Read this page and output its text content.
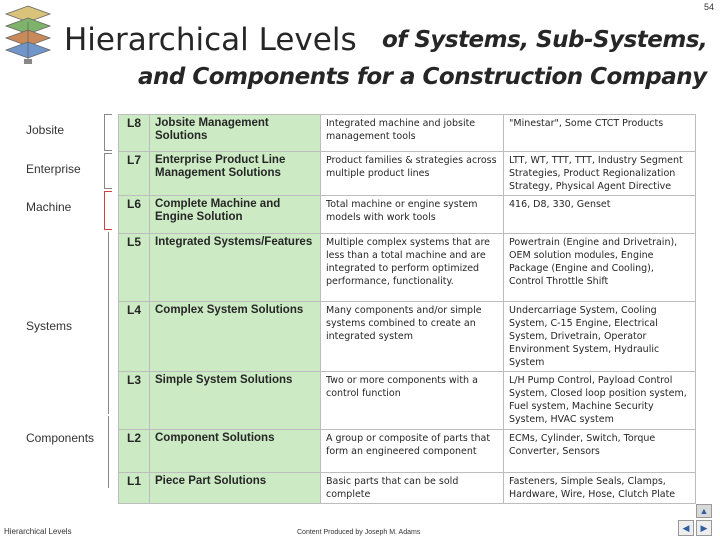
54
Hierarchical Levels of Systems, Sub-Systems,
and Components for a Construction Company
Jobsite
Enterprise
Machine
Systems
Components
L8	Jobsite Management Solutions	Integrated machine and jobsite management tools	"Minestar", Some CTCT Products
L7	Enterprise Product Line Management Solutions	Product families & strategies across multiple product lines	LTT, WT, TTT, TTT, Industry Segment Strategies, Product Regionalization Strategy, Physical Agent Directive
L6	Complete Machine and Engine Solution	Total machine or engine system models with work tools	416, D8, 330, Genset
L5	Integrated Systems/Features	Multiple complex systems that are less than a total machine and are integrated to perform optimized performance, functionality.	Powertrain (Engine and Drivetrain), OEM solution modules, Engine Package (Engine and Cooling), Control Throttle Shift
L4	Complex System Solutions	Many components and/or simple systems combined to create an integrated system	Undercarriage System, Cooling System, C-15 Engine, Electrical System, Drivetrain, Operator Environment System, Hydraulic System
L3	Simple System Solutions	Two or more components with a control function	L/H Pump Control, Payload Control System, Closed loop position system, Fuel system, Machine Security System, HVAC system
L2	Component Solutions	A group or composite of parts that form an engineered component	ECMs, Cylinder, Switch, Torque Converter, Sensors
L1	Piece Part Solutions	Basic parts that can be sold complete	Fasteners, Simple Seals, Clamps, Hardware, Wire, Hose, Clutch Plate
Hierarchical Levels	Content Produced by Joseph M. Adams
▲
◀	▶
